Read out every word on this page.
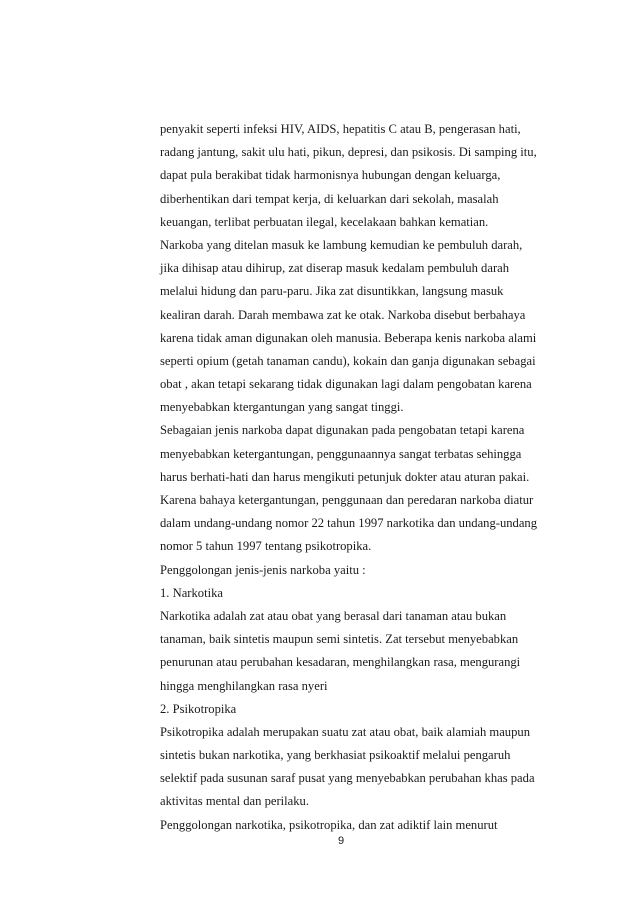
penyakit seperti infeksi HIV, AIDS, hepatitis C atau B, pengerasan hati,
radang jantung, sakit ulu hati, pikun, depresi, dan psikosis. Di samping itu,
dapat pula berakibat tidak harmonisnya hubungan dengan keluarga,
diberhentikan dari tempat kerja, di keluarkan dari sekolah, masalah
keuangan, terlibat perbuatan ilegal, kecelakaan bahkan kematian.
Narkoba yang ditelan masuk ke lambung kemudian ke pembuluh darah,
jika dihisap atau dihirup, zat diserap masuk kedalam pembuluh darah
melalui hidung dan paru-paru. Jika zat disuntikkan, langsung masuk
kealiran darah. Darah membawa zat ke otak. Narkoba disebut berbahaya
karena tidak aman digunakan oleh manusia. Beberapa kenis narkoba alami
seperti opium (getah tanaman candu), kokain dan ganja digunakan sebagai
obat , akan tetapi sekarang tidak digunakan lagi dalam pengobatan karena
menyebabkan ktergantungan yang sangat tinggi.
Sebagaian jenis narkoba dapat digunakan pada pengobatan tetapi karena
menyebabkan ketergantungan, penggunaannya sangat terbatas sehingga
harus berhati-hati dan harus mengikuti petunjuk dokter atau aturan pakai.
Karena bahaya ketergantungan, penggunaan dan peredaran narkoba diatur
dalam undang-undang nomor 22 tahun 1997 narkotika dan undang-undang
nomor 5 tahun 1997 tentang psikotropika.
Penggolongan jenis-jenis narkoba yaitu :
1. Narkotika
Narkotika adalah zat atau obat yang berasal dari tanaman atau bukan
tanaman, baik sintetis maupun semi sintetis. Zat tersebut menyebabkan
penurunan atau perubahan kesadaran, menghilangkan rasa, mengurangi
hingga menghilangkan rasa nyeri
2. Psikotropika
Psikotropika adalah merupakan suatu zat atau obat, baik alamiah maupun
sintetis bukan narkotika, yang berkhasiat psikoaktif melalui pengaruh
selektif pada susunan saraf pusat yang menyebabkan perubahan khas pada
aktivitas mental dan perilaku.
Penggolongan narkotika, psikotropika, dan zat adiktif lain menurut
9
